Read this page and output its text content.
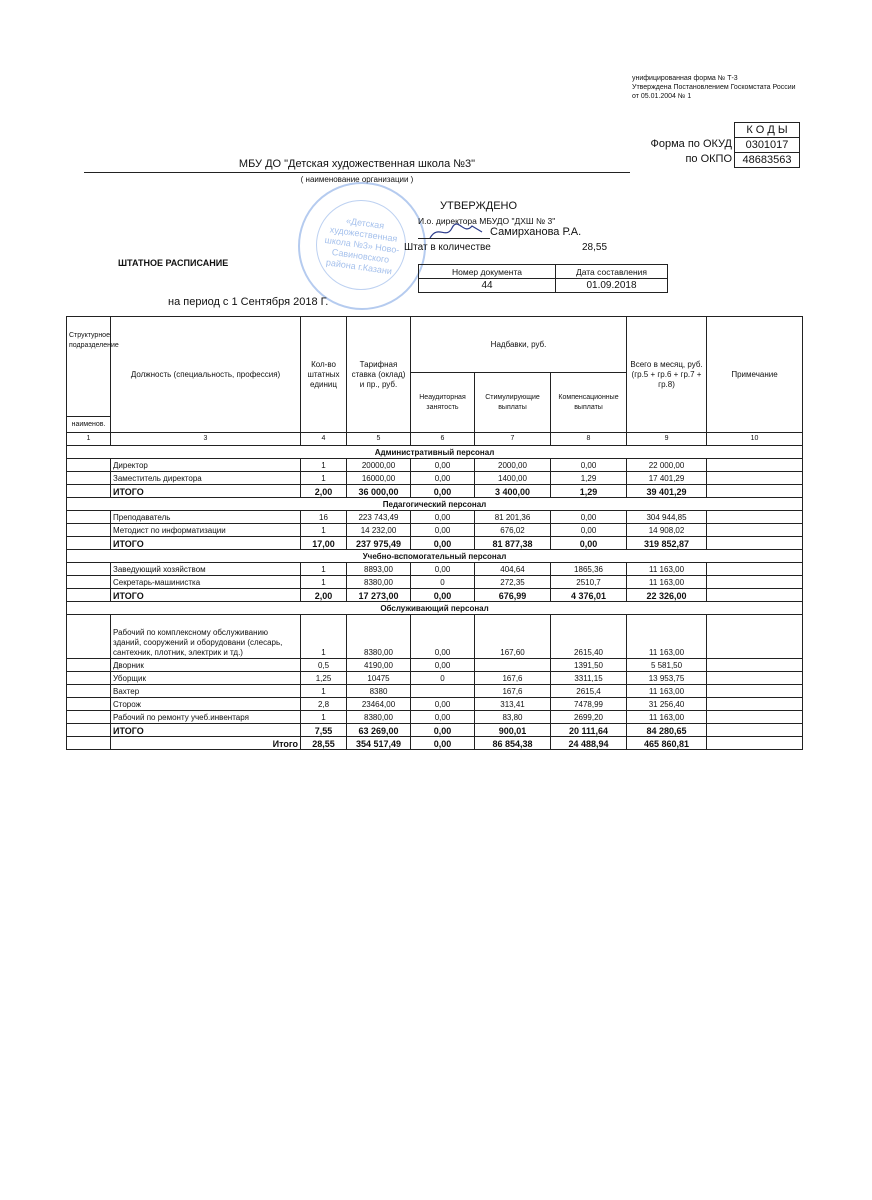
унифицированная форма № Т-3
Утверждена Постановлением Госкомстата России
от 05.01.2004 № 1
К О Д Ы
0301017
48683563
Форма по ОКУД
по ОКПО
МБУ ДО "Детская художественная школа №3"
( наименование организации )
«Детская художественная школа №3» Ново-Савиновского района г.Казани
УТВЕРЖДЕНО
И.о. директора МБУДО "ДХШ № 3"
Самирханова Р.А.
Штат в количестве	28,55
Номер документа	Дата составления
44	01.09.2018
ШТАТНОЕ РАСПИСАНИЕ
на период с 1 Сентября 2018 Г.
Структурное подразделение	Должность (специальность, профессия)	Кол-во штатных единиц	Тарифная ставка (оклад) и пр., руб.	Надбавки, руб.			Всего в месяц, руб. (гр.5 + гр.6 + гр.7 + гр.8)	Примечание
				Неаудиторная занятость	Стимулирующие выплаты	Компенсационные выплаты		
наименов.								
1	3	4	5	6	7	8	9	10
Административный персонал								
	Директор	1	20000,00	0,00	2000,00	0,00	22 000,00	
	Заместитель директора	1	16000,00	0,00	1400,00	1,29	17 401,29	
	ИТОГО	2,00	36 000,00	0,00	3 400,00	1,29	39 401,29	
Педагогический персонал								
	Преподаватель	16	223 743,49	0,00	81 201,36	0,00	304 944,85	
	Методист по информатизации	1	14 232,00	0,00	676,02	0,00	14 908,02	
	ИТОГО	17,00	237 975,49	0,00	81 877,38	0,00	319 852,87	
Учебно-вспомогательный персонал								
	Заведующий хозяйством	1	8893,00	0,00	404,64	1865,36	11 163,00	
	Секретарь-машинистка	1	8380,00	0	272,35	2510,7	11 163,00	
	ИТОГО	2,00	17 273,00	0,00	676,99	4 376,01	22 326,00	
Обслуживающий персонал								
	Рабочий по комплексному обслуживанию зданий, сооружений и оборудовани (слесарь, сантехник, плотник, электрик и тд.)	1	8380,00	0,00	167,60	2615,40	11 163,00	
	Дворник	0,5	4190,00	0,00		1391,50	5 581,50	
	Уборщик	1,25	10475	0	167,6	3311,15	13 953,75	
	Вахтер	1	8380		167,6	2615,4	11 163,00	
	Сторож	2,8	23464,00	0,00	313,41	7478,99	31 256,40	
	Рабочий по ремонту учеб.инвентаря	1	8380,00	0,00	83,80	2699,20	11 163,00	
	ИТОГО	7,55	63 269,00	0,00	900,01	20 111,64	84 280,65	
	Итого	28,55	354 517,49	0,00	86 854,38	24 488,94	465 860,81	
